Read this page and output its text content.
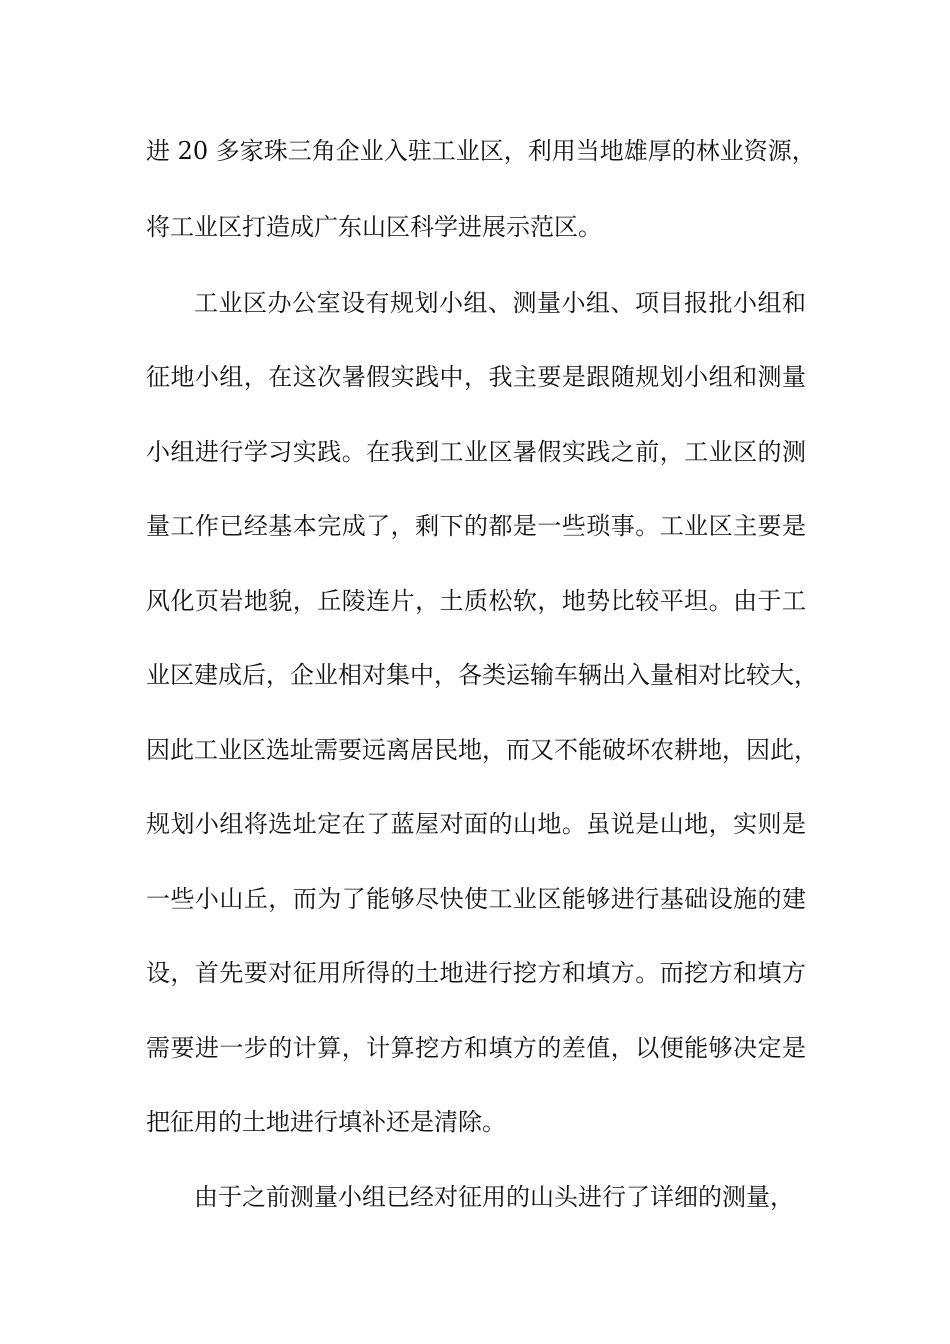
进 20 多家珠三角企业入驻工业区，利用当地雄厚的林业资源，
将工业区打造成广东山区科学进展示范区。
工业区办公室设有规划小组、测量小组、项目报批小组和
征地小组，在这次暑假实践中，我主要是跟随规划小组和测量
小组进行学习实践。在我到工业区暑假实践之前，工业区的测
量工作已经基本完成了，剩下的都是一些琐事。工业区主要是
风化页岩地貌，丘陵连片，土质松软，地势比较平坦。由于工
业区建成后，企业相对集中，各类运输车辆出入量相对比较大，
因此工业区选址需要远离居民地，而又不能破坏农耕地，因此，
规划小组将选址定在了蓝屋对面的山地。虽说是山地，实则是
一些小山丘，而为了能够尽快使工业区能够进行基础设施的建
设，首先要对征用所得的土地进行挖方和填方。而挖方和填方
需要进一步的计算，计算挖方和填方的差值，以便能够决定是
把征用的土地进行填补还是清除。
由于之前测量小组已经对征用的山头进行了详细的测量，
